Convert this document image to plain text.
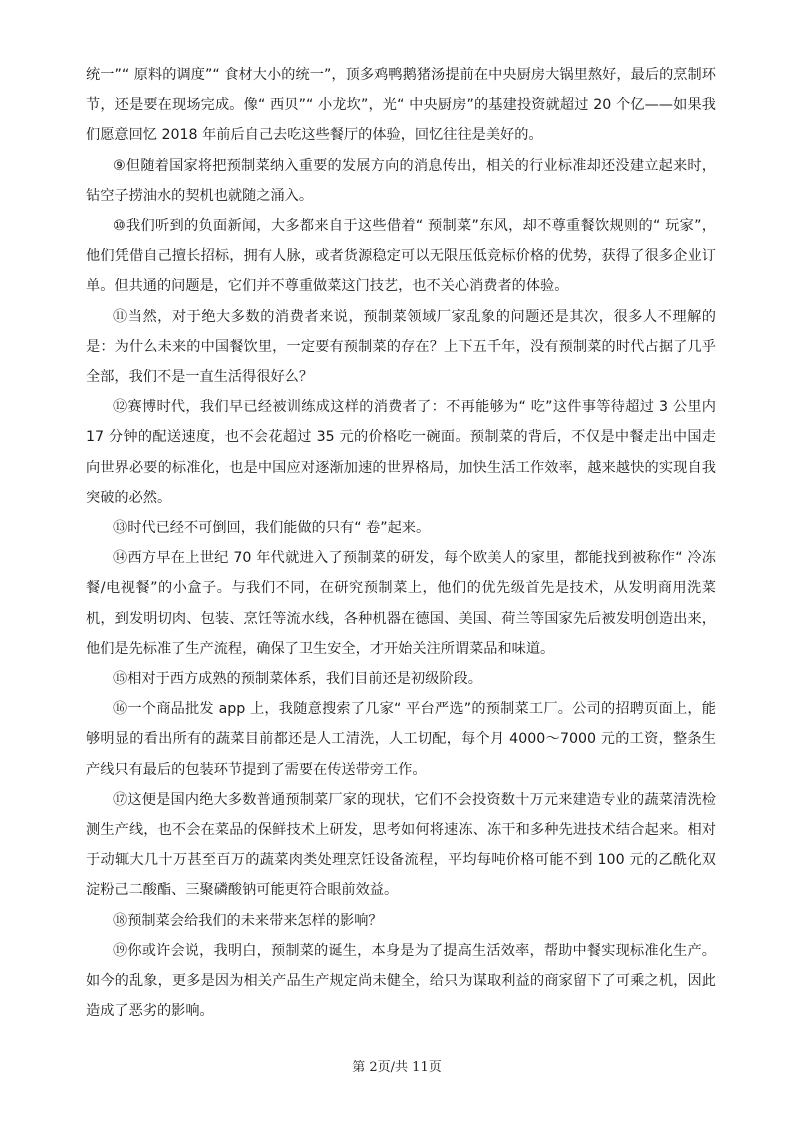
统一”“ 原料的调度”“ 食材大小的统一”，顶多鸡鸭鹅猪汤提前在中央厨房大锅里熬好，最后的烹制环节，还是要在现场完成。像“ 西贝”“ 小龙坎”，光“ 中央厨房”的基建投资就超过 20 个亿——如果我们愿意回忆 2018 年前后自己去吃这些餐厅的体验，回忆往往是美好的。

⑨但随着国家将把预制菜纳入重要的发展方向的消息传出，相关的行业标准却还没建立起来时，钻空子捞油水的契机也就随之涌入。

⑩我们听到的负面新闻，大多都来自于这些借着“ 预制菜”东风，却不尊重餐饮规则的“ 玩家”，他们凭借自己擅长招标，拥有人脉，或者货源稳定可以无限压低竞标价格的优势，获得了很多企业订单。但共通的问题是，它们并不尊重做菜这门技艺，也不关心消费者的体验。

⑪当然，对于绝大多数的消费者来说，预制菜领域厂家乱象的问题还是其次，很多人不理解的是：为什么未来的中国餐饮里，一定要有预制菜的存在？上下五千年，没有预制菜的时代占据了几乎全部，我们不是一直生活得很好么？

⑫赛博时代，我们早已经被训练成这样的消费者了：不再能够为“ 吃”这件事等待超过 3 公里内 17 分钟的配送速度，也不会花超过 35 元的价格吃一碗面。预制菜的背后，不仅是中餐走出中国走向世界必要的标准化，也是中国应对逐渐加速的世界格局，加快生活工作效率，越来越快的实现自我突破的必然。

⑬时代已经不可倒回，我们能做的只有“ 卷”起来。

⑭西方早在上世纪 70 年代就进入了预制菜的研发，每个欧美人的家里，都能找到被称作“ 冷冻餐/电视餐”的小盒子。与我们不同，在研究预制菜上，他们的优先级首先是技术，从发明商用洗菜机，到发明切肉、包装、烹饪等流水线，各种机器在德国、美国、荷兰等国家先后被发明创造出来，他们是先标准了生产流程，确保了卫生安全，才开始关注所谓菜品和味道。

⑮相对于西方成熟的预制菜体系，我们目前还是初级阶段。

⑯一个商品批发 app 上，我随意搜索了几家“ 平台严选”的预制菜工厂。公司的招聘页面上，能够明显的看出所有的蔬菜目前都还是人工清洗，人工切配，每个月 4000～7000 元的工资，整条生产线只有最后的包装环节提到了需要在传送带旁工作。

⑰这便是国内绝大多数普通预制菜厂家的现状，它们不会投资数十万元来建造专业的蔬菜清洗检测生产线，也不会在菜品的保鲜技术上研发，思考如何将速冻、冻干和多种先进技术结合起来。相对于动辄大几十万甚至百万的蔬菜肉类处理烹饪设备流程，平均每吨价格可能不到 100 元的乙酰化双淀粉己二酸酯、三聚磷酸钠可能更符合眼前效益。

⑱预制菜会给我们的未来带来怎样的影响？

⑲你或许会说，我明白，预制菜的诞生，本身是为了提高生活效率，帮助中餐实现标准化生产。如今的乱象，更多是因为相关产品生产规定尚未健全，给只为谋取利益的商家留下了可乘之机，因此造成了恶劣的影响。

第 2页/共 11页
